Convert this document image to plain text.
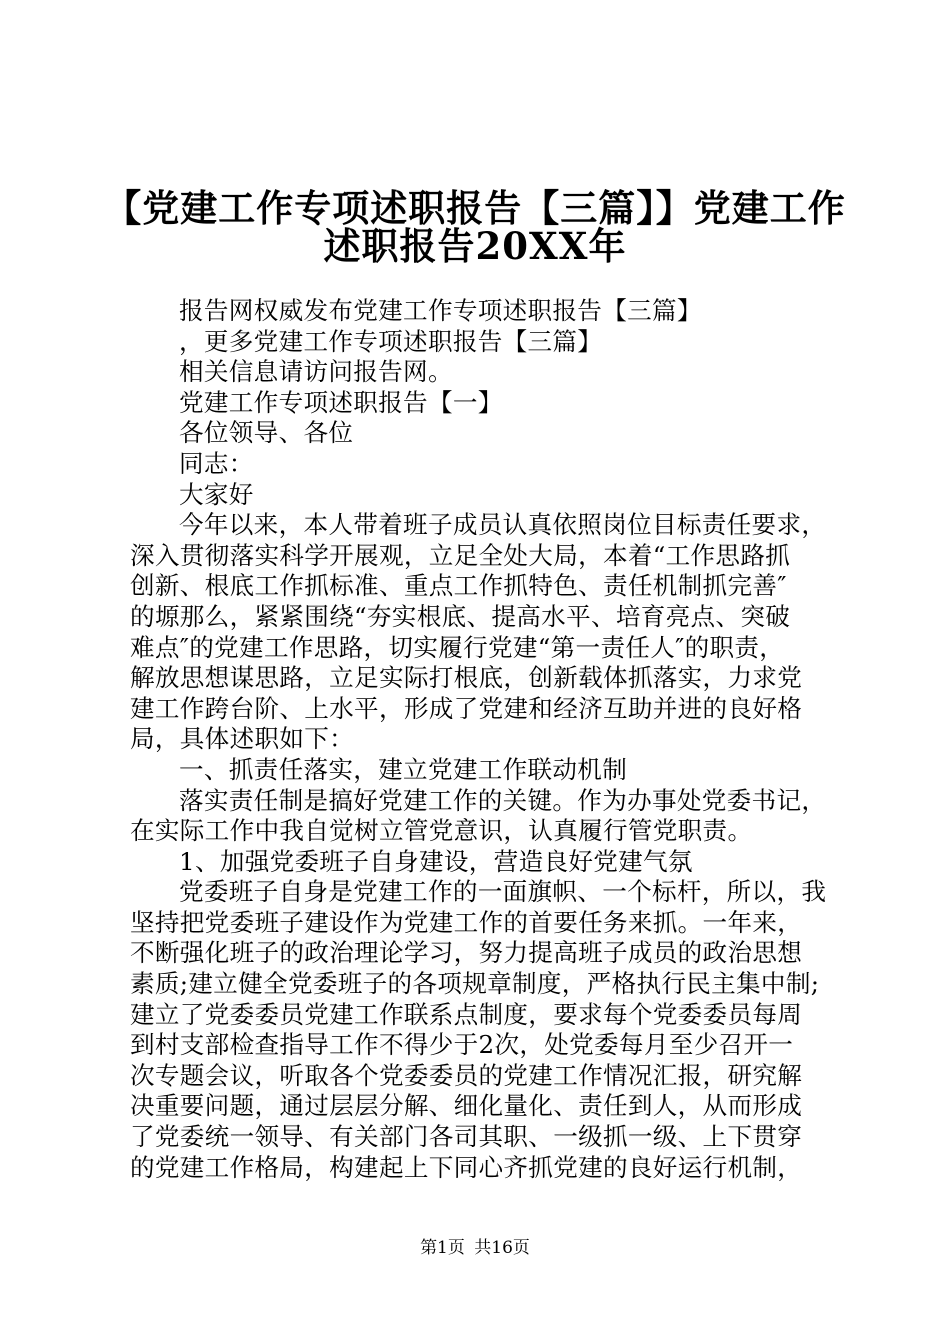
【党建工作专项述职报告【三篇】】党建工作
述职报告20XX年
报告网权威发布党建工作专项述职报告【三篇】
，更多党建工作专项述职报告【三篇】
相关信息请访问报告网。
党建工作专项述职报告【一】
各位领导、各位
同志：
大家好
今年以来，本人带着班子成员认真依照岗位目标责任要求，
深入贯彻落实科学开展观，立足全处大局，本着“工作思路抓
创新、根底工作抓标准、重点工作抓特色、责任机制抓完善″
的塬那么，紧紧围绕“夯实根底、提高水平、培育亮点、突破
难点″的党建工作思路，切实履行党建“第一责任人″的职责，
解放思想谋思路，立足实际打根底，创新载体抓落实，力求党
建工作跨台阶、上水平，形成了党建和经济互助并进的良好格
局，具体述职如下：
一、抓责任落实，建立党建工作联动机制
落实责任制是搞好党建工作的关键。作为办事处党委书记，
在实际工作中我自觉树立管党意识，认真履行管党职责。
1、加强党委班子自身建设，营造良好党建气氛
党委班子自身是党建工作的一面旗帜、一个标杆，所以，我
坚持把党委班子建设作为党建工作的首要任务来抓。一年来，
不断强化班子的政治理论学习，努力提高班子成员的政治思想
素质;建立健全党委班子的各项规章制度，严格执行民主集中制;
建立了党委委员党建工作联系点制度，要求每个党委委员每周
到村支部检查指导工作不得少于2次，处党委每月至少召开一
次专题会议，听取各个党委委员的党建工作情况汇报，研究解
决重要问题，通过层层分解、细化量化、责任到人，从而形成
了党委统一领导、有关部门各司其职、一级抓一级、上下贯穿
的党建工作格局，构建起上下同心齐抓党建的良好运行机制，
第1页 共16页
